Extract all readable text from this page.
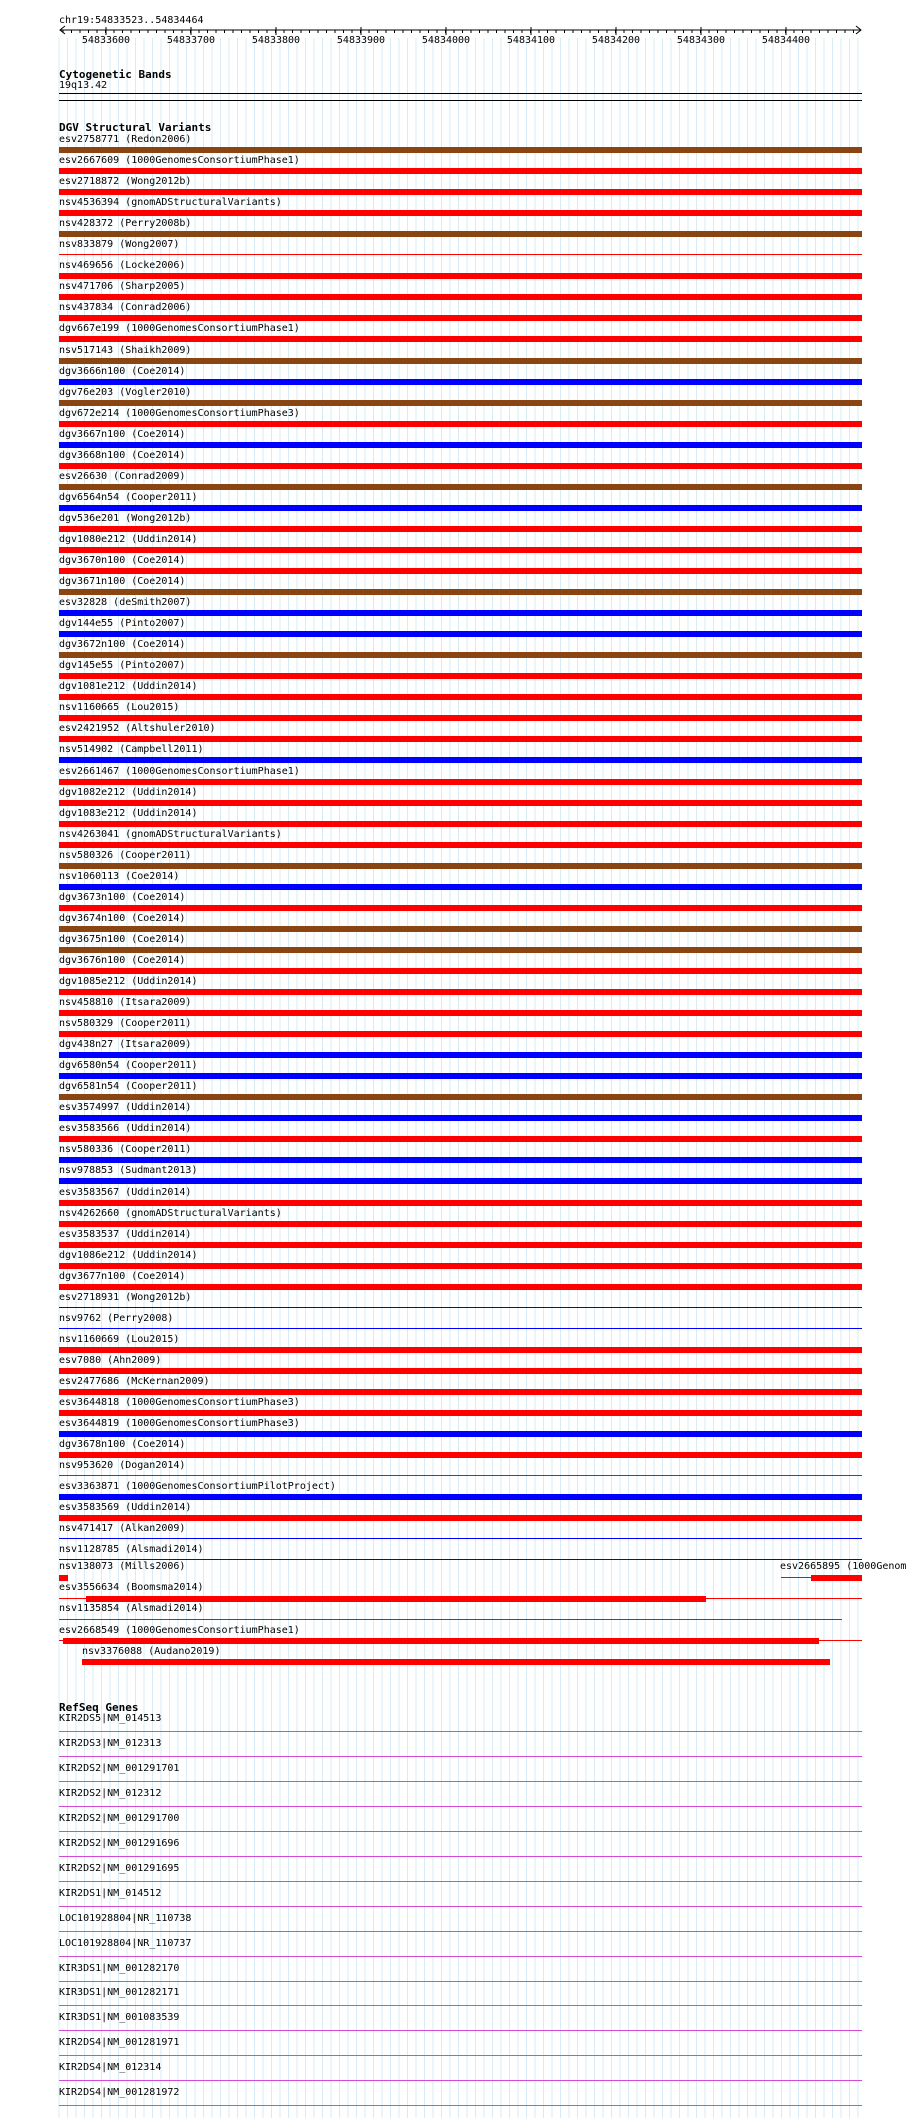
chr19:54833523..54834464
54833600	54833700	54833800	54833900	54834000	54834100	54834200	54834300	54834400
Cytogenetic Bands
19q13.42
DGV Structural Variants
esv2758771 (Redon2006)
esv2667609 (1000GenomesConsortiumPhase1)
esv2718872 (Wong2012b)
nsv4536394 (gnomADStructuralVariants)
nsv428372 (Perry2008b)
nsv833879 (Wong2007)
nsv469656 (Locke2006)
nsv471706 (Sharp2005)
nsv437834 (Conrad2006)
dgv667e199 (1000GenomesConsortiumPhase1)
nsv517143 (Shaikh2009)
dgv3666n100 (Coe2014)
dgv76e203 (Vogler2010)
dgv672e214 (1000GenomesConsortiumPhase3)
dgv3667n100 (Coe2014)
dgv3668n100 (Coe2014)
esv26630 (Conrad2009)
dgv6564n54 (Cooper2011)
dgv536e201 (Wong2012b)
dgv1080e212 (Uddin2014)
dgv3670n100 (Coe2014)
dgv3671n100 (Coe2014)
esv32828 (deSmith2007)
dgv144e55 (Pinto2007)
dgv3672n100 (Coe2014)
dgv145e55 (Pinto2007)
dgv1081e212 (Uddin2014)
nsv1160665 (Lou2015)
esv2421952 (Altshuler2010)
nsv514902 (Campbell2011)
esv2661467 (1000GenomesConsortiumPhase1)
dgv1082e212 (Uddin2014)
dgv1083e212 (Uddin2014)
nsv4263041 (gnomADStructuralVariants)
nsv580326 (Cooper2011)
nsv1060113 (Coe2014)
dgv3673n100 (Coe2014)
dgv3674n100 (Coe2014)
dgv3675n100 (Coe2014)
dgv3676n100 (Coe2014)
dgv1085e212 (Uddin2014)
nsv458810 (Itsara2009)
nsv580329 (Cooper2011)
dgv438n27 (Itsara2009)
dgv6580n54 (Cooper2011)
dgv6581n54 (Cooper2011)
esv3574997 (Uddin2014)
esv3583566 (Uddin2014)
nsv580336 (Cooper2011)
nsv978853 (Sudmant2013)
esv3583567 (Uddin2014)
nsv4262660 (gnomADStructuralVariants)
esv3583537 (Uddin2014)
dgv1086e212 (Uddin2014)
dgv3677n100 (Coe2014)
esv2718931 (Wong2012b)
nsv9762 (Perry2008)
nsv1160669 (Lou2015)
esv7080 (Ahn2009)
esv2477686 (McKernan2009)
esv3644818 (1000GenomesConsortiumPhase3)
esv3644819 (1000GenomesConsortiumPhase3)
dgv3678n100 (Coe2014)
nsv953620 (Dogan2014)
esv3363871 (1000GenomesConsortiumPilotProject)
esv3583569 (Uddin2014)
nsv471417 (Alkan2009)
nsv1128785 (Alsmadi2014)
nsv138073 (Mills2006)	esv2665895 (1000Genom
esv3556634 (Boomsma2014)
nsv1135854 (Alsmadi2014)
esv2668549 (1000GenomesConsortiumPhase1)
nsv3376088 (Audano2019)
RefSeq Genes
KIR2DS5|NM_014513
KIR2DS3|NM_012313
KIR2DS2|NM_001291701
KIR2DS2|NM_012312
KIR2DS2|NM_001291700
KIR2DS2|NM_001291696
KIR2DS2|NM_001291695
KIR2DS1|NM_014512
LOC101928804|NR_110738
LOC101928804|NR_110737
KIR3DS1|NM_001282170
KIR3DS1|NM_001282171
KIR3DS1|NM_001083539
KIR2DS4|NM_001281971
KIR2DS4|NM_012314
KIR2DS4|NM_001281972
